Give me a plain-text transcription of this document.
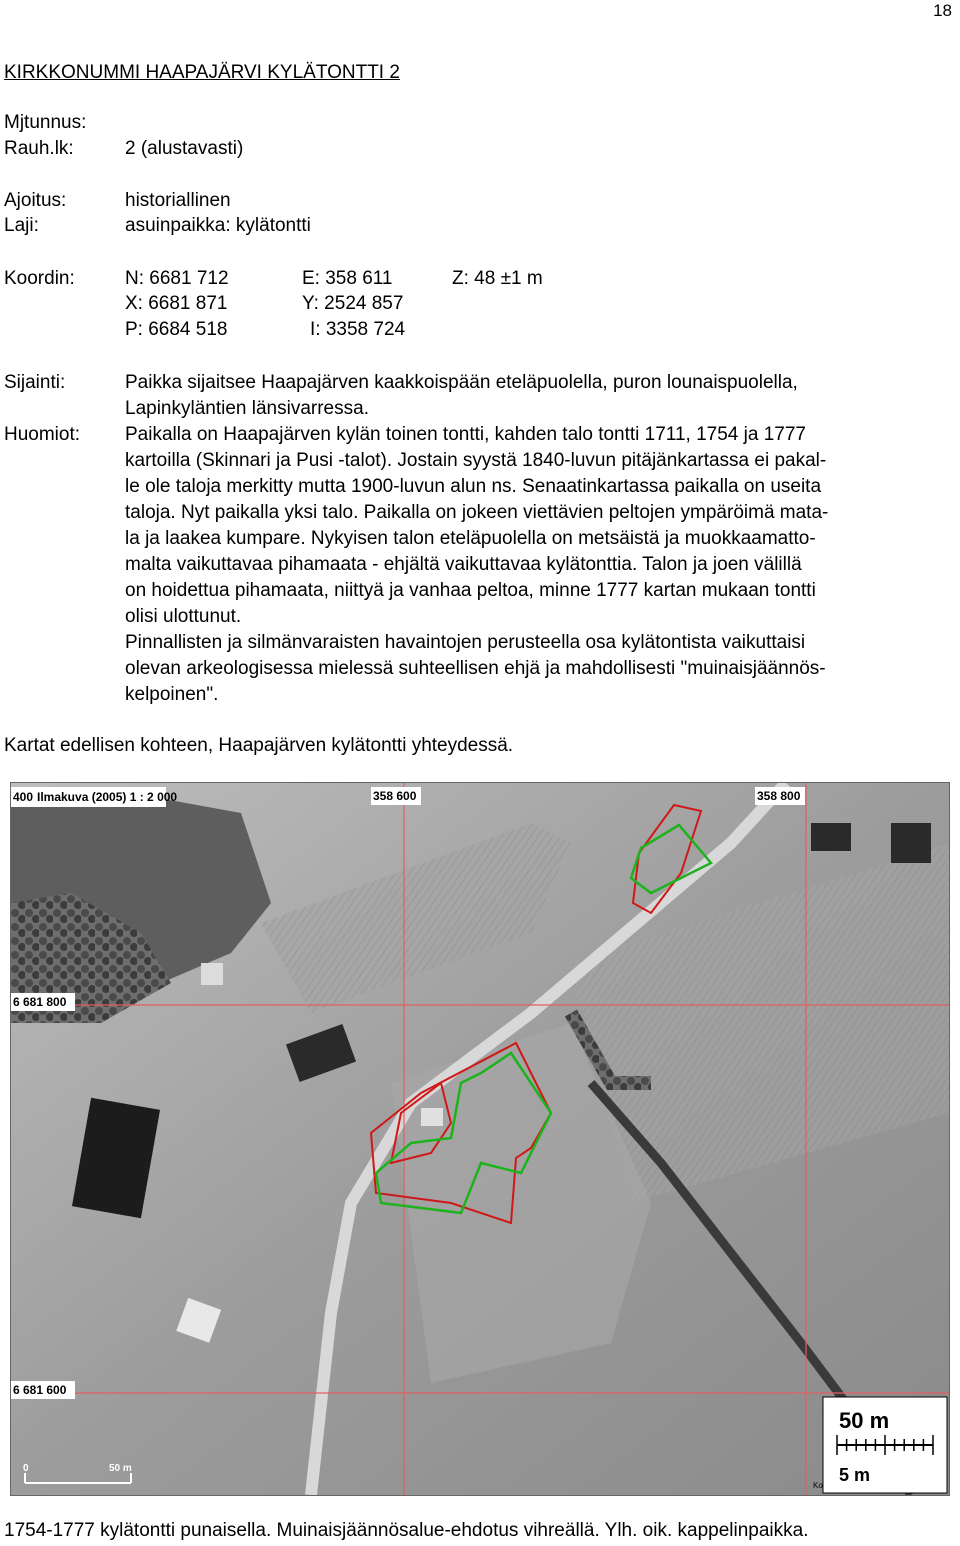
18
KIRKKONUMMI HAAPAJÄRVI KYLÄTONTTI 2
Mjtunnus:
Rauh.lk:	2 (alustavasti)
Ajoitus:	historiallinen
Laji:	asuinpaikka: kylätontti
Koordin:	N: 6681 712	E: 358 611	Z: 48 ±1 m
X: 6681 871	Y: 2524 857
P: 6684 518	I: 3358 724
Sijainti:	Paikka sijaitsee Haapajärven kaakkoispään eteläpuolella, puron lounaispuolella,

Lapinkyläntien länsivarressa.

Huomiot: Paikalla on Haapajärven kylän toinen tontti, kahden talo tontti 1711, 1754 ja 1777

kartoilla (Skinnari ja Pusi -talot). Jostain syystä 1840-luvun pitäjänkartassa ei pakal-

le ole taloja merkitty mutta 1900-luvun alun ns. Senaatinkartassa paikalla on useita

taloja. Nyt paikalla yksi talo. Paikalla on jokeen viettävien peltojen ympäröimä mata-

la ja laakea kumpare. Nykyisen talon eteläpuolella on metsäistä ja muokkaamatto-

malta vaikuttavaa pihamaata - ehjältä vaikuttavaa kylätonttia. Talon ja joen välillä

on hoidettua pihamaata, niittyä ja vanhaa peltoa, minne 1777 kartan mukaan tontti

olisi ulottunut.

Pinnallisten ja silmänvaraisten havaintojen perusteella osa kylätontista vaikuttaisi

olevan arkeologisessa mielessä suhteellisen ehjä ja mahdollisesti "muinaisjäännös-

kelpoinen".

Kartat edellisen kohteen, Haapajärven kylätontti yhteydessä.
400 Ilmakuva (2005) 1 : 2 000	358 600	358 800
6 681 800
6 681 600
0	50 m
50 m
5 m
Ko
1754-1777 kylätontti punaisella. Muinaisjäännösalue-ehdotus vihreällä. Ylh. oik. kappelinpaikka.
